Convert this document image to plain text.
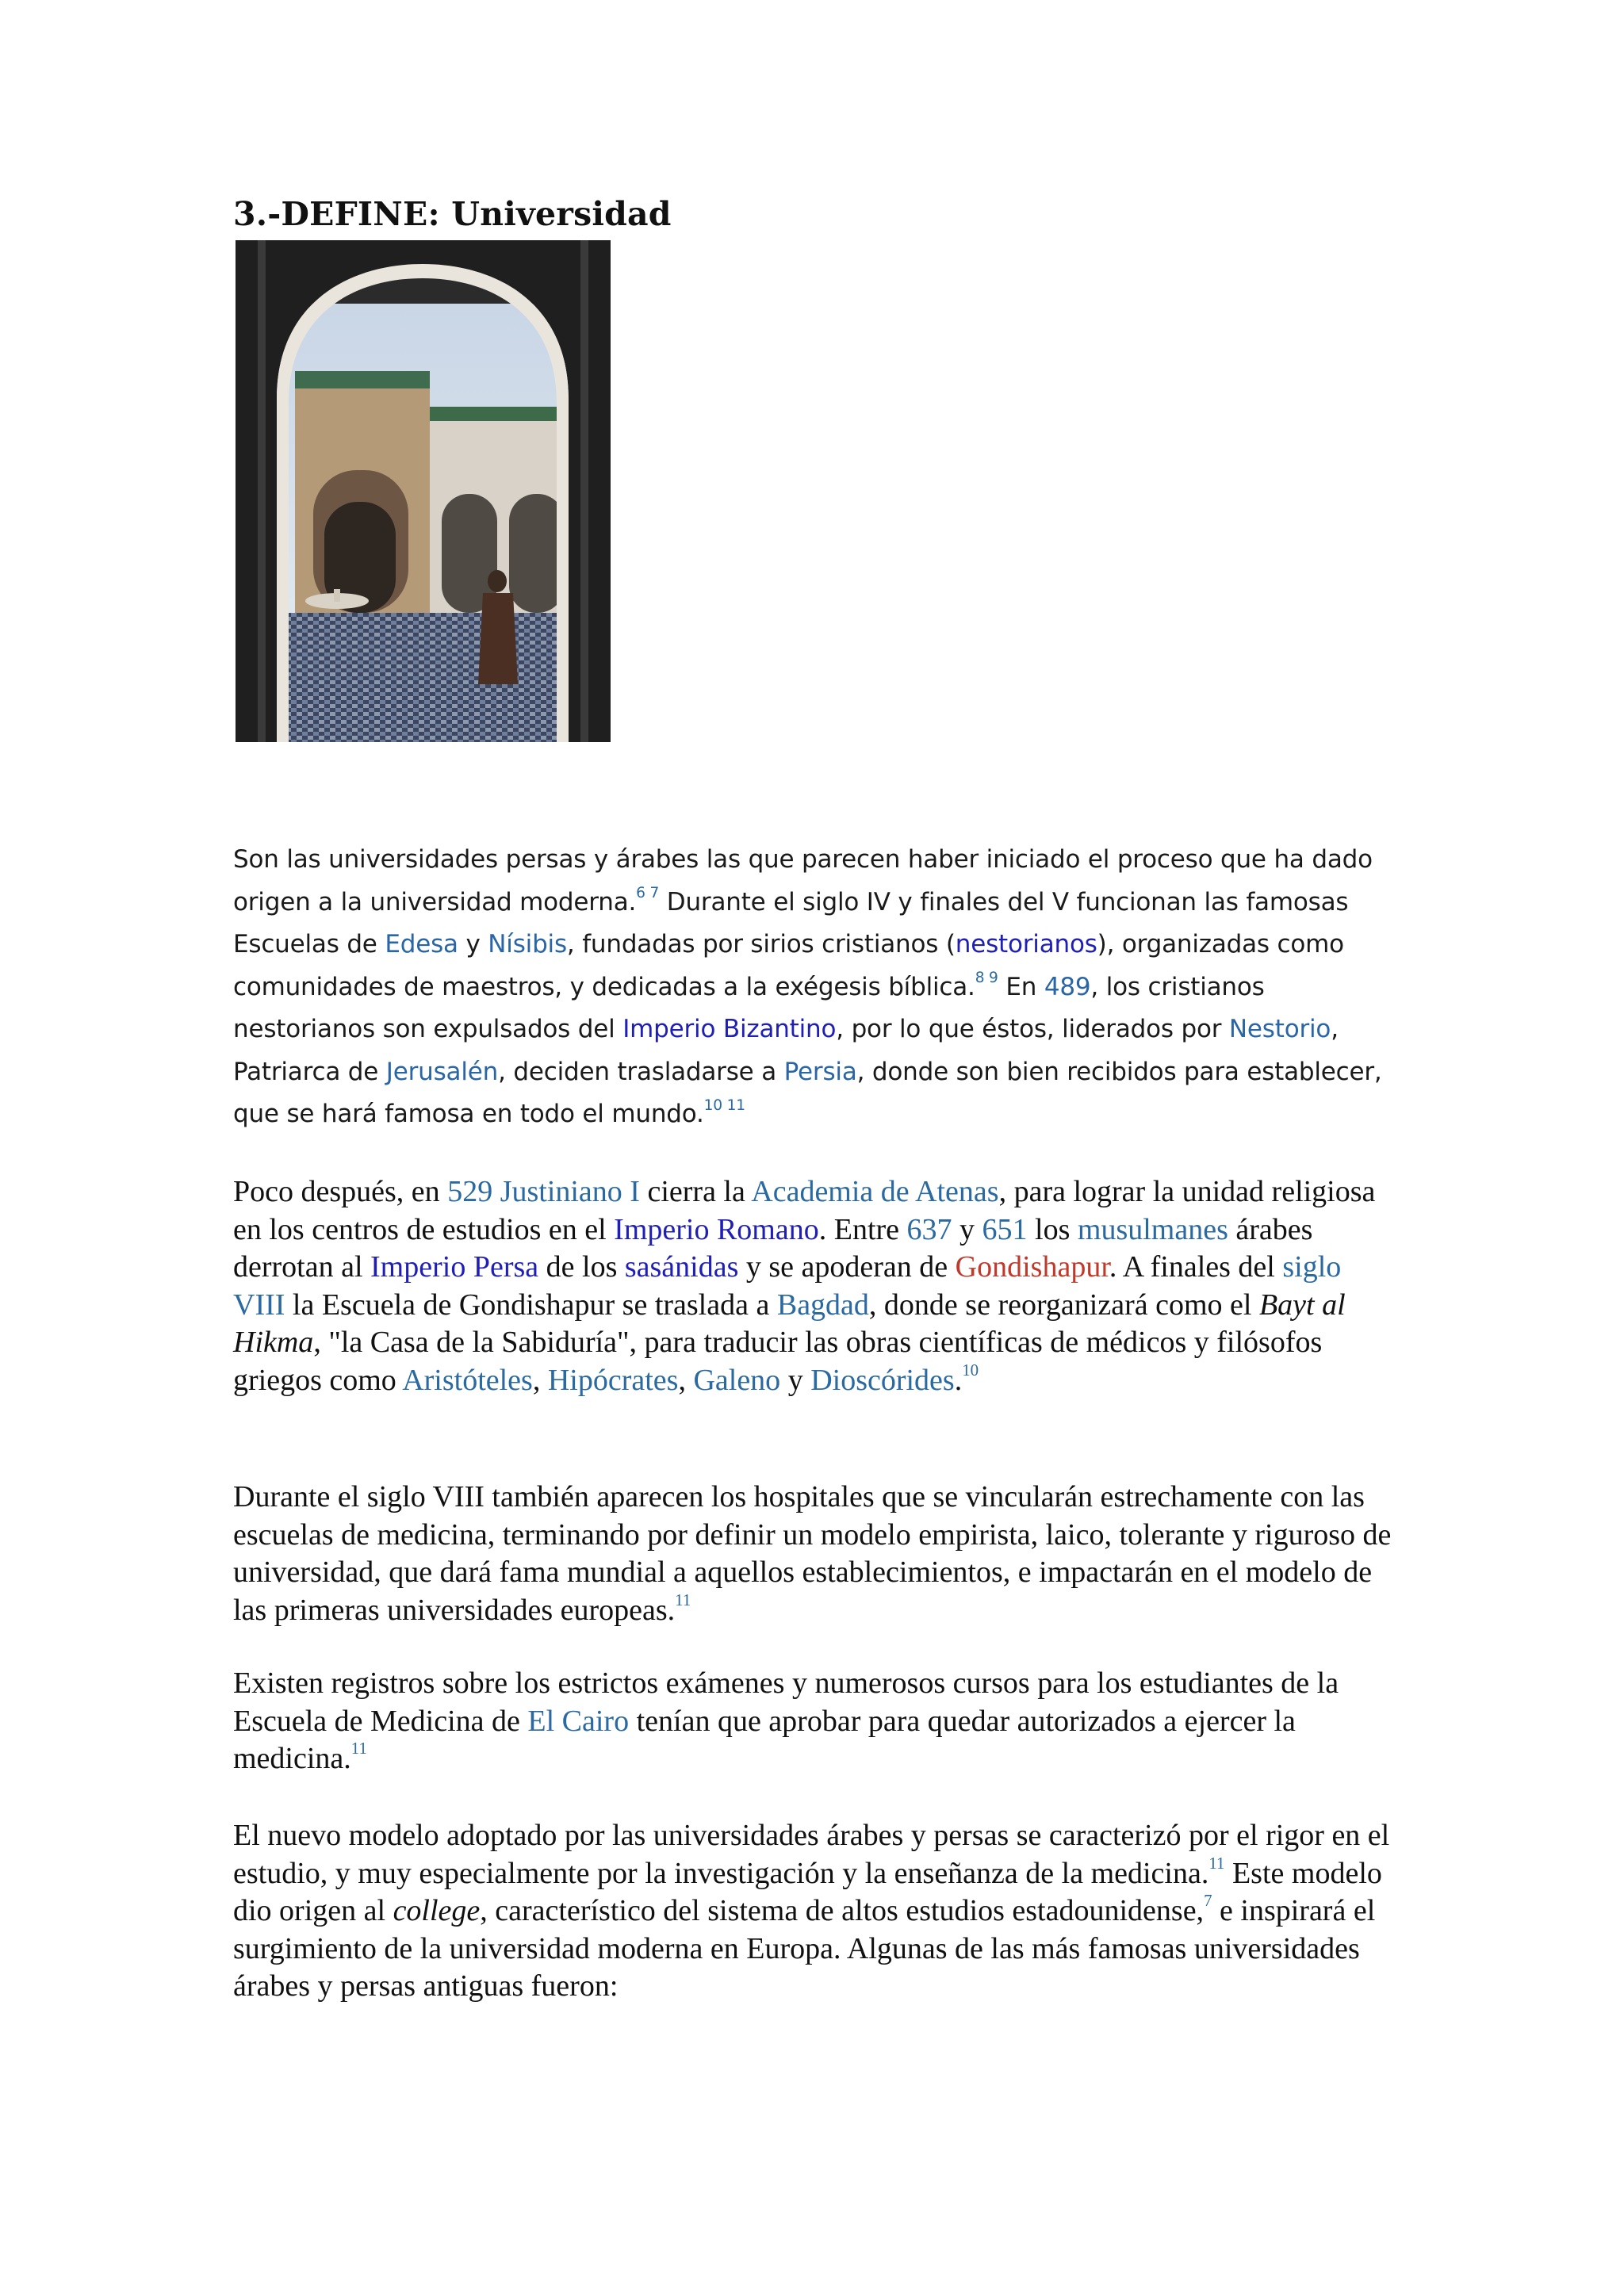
3.-DEFINE: Universidad

Son las universidades persas y árabes las que parecen haber iniciado el proceso que ha dado origen a la universidad moderna.$^{6 7}$ Durante el siglo IV y finales del V funcionan las famosas Escuelas de Edesa y Nísibis, fundadas por sirios cristianos (nestorianos), organizadas como comunidades de maestros, y dedicadas a la exégesis bíblica.$^{8 9}$ En 489, los cristianos nestorianos son expulsados del Imperio Bizantino, por lo que éstos, liderados por Nestorio, Patriarca de Jerusalén, deciden trasladarse a Persia, donde son bien recibidos para establecer, que se hará famosa en todo el mundo.$^{10 11}$

Poco después, en 529 Justiniano I cierra la Academia de Atenas, para lograr la unidad religiosa en los centros de estudios en el Imperio Romano. Entre 637 y 651 los musulmanes árabes derrotan al Imperio Persa de los sasánidas y se apoderan de Gondishapur. A finales del siglo VIII la Escuela de Gondishapur se traslada a Bagdad, donde se reorganizará como el Bayt al Hikma, "la Casa de la Sabiduría", para traducir las obras científicas de médicos y filósofos griegos como Aristóteles, Hipócrates, Galeno y Dioscórides.$^{10}$

Durante el siglo VIII también aparecen los hospitales que se vincularán estrechamente con las escuelas de medicina, terminando por definir un modelo empirista, laico, tolerante y riguroso de universidad, que dará fama mundial a aquellos establecimientos, e impactarán en el modelo de las primeras universidades europeas.$^{11}$

Existen registros sobre los estrictos exámenes y numerosos cursos para los estudiantes de la Escuela de Medicina de El Cairo tenían que aprobar para quedar autorizados a ejercer la medicina.$^{11}$

El nuevo modelo adoptado por las universidades árabes y persas se caracterizó por el rigor en el estudio, y muy especialmente por la investigación y la enseñanza de la medicina.$^{11}$ Este modelo dio origen al college, característico del sistema de altos estudios estadounidense,$^7$ e inspirará el surgimiento de la universidad moderna en Europa. Algunas de las más famosas universidades árabes y persas antiguas fueron:
